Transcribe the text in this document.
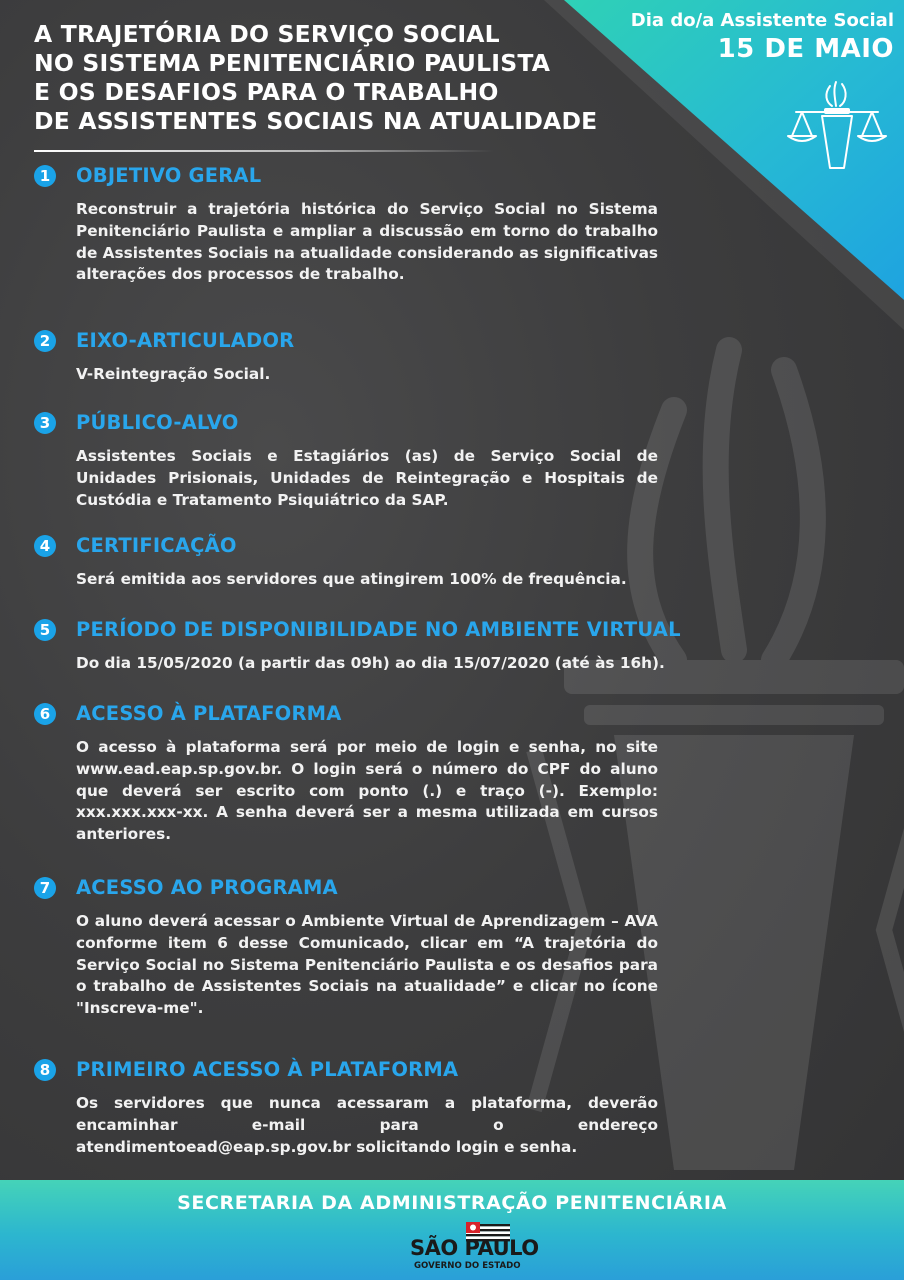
A TRAJETÓRIA DO SERVIÇO SOCIAL
NO SISTEMA PENITENCIÁRIO PAULISTA
E OS DESAFIOS PARA O TRABALHO
DE ASSISTENTES SOCIAIS NA ATUALIDADE
Dia do/a Assistente Social
15 DE MAIO
1 OBJETIVO GERAL
Reconstruir a trajetória histórica do Serviço Social no Sistema Penitenciário Paulista e ampliar a discussão em torno do trabalho de Assistentes Sociais na atualidade considerando as significativas alterações dos processos de trabalho.
2 EIXO-ARTICULADOR
V-Reintegração Social.
3 PÚBLICO-ALVO
Assistentes Sociais e Estagiários (as) de Serviço Social de Unidades Prisionais, Unidades de Reintegração e Hospitais de Custódia e Tratamento Psiquiátrico da SAP.
4 CERTIFICAÇÃO
Será emitida aos servidores que atingirem 100% de frequência.
5 PERÍODO DE DISPONIBILIDADE NO AMBIENTE VIRTUAL
Do dia 15/05/2020 (a partir das 09h) ao dia 15/07/2020 (até às 16h).
6 ACESSO À PLATAFORMA
O acesso à plataforma será por meio de login e senha, no site www.ead.eap.sp.gov.br. O login será o número do CPF do aluno que deverá ser escrito com ponto (.) e traço (-). Exemplo: xxx.xxx.xxx-xx. A senha deverá ser a mesma utilizada em cursos anteriores.
7 ACESSO AO PROGRAMA
O aluno deverá acessar o Ambiente Virtual de Aprendizagem – AVA conforme item 6 desse Comunicado, clicar em “A trajetória do Serviço Social no Sistema Penitenciário Paulista e os desafios para o trabalho de Assistentes Sociais na atualidade” e clicar no ícone "Inscreva-me".
8 PRIMEIRO ACESSO À PLATAFORMA
Os servidores que nunca acessaram a plataforma, deverão encaminhar e-mail para o endereço atendimentoead@eap.sp.gov.br solicitando login e senha.
SECRETARIA DA ADMINISTRAÇÃO PENITENCIÁRIA
SÃO PAULO
GOVERNO DO ESTADO
